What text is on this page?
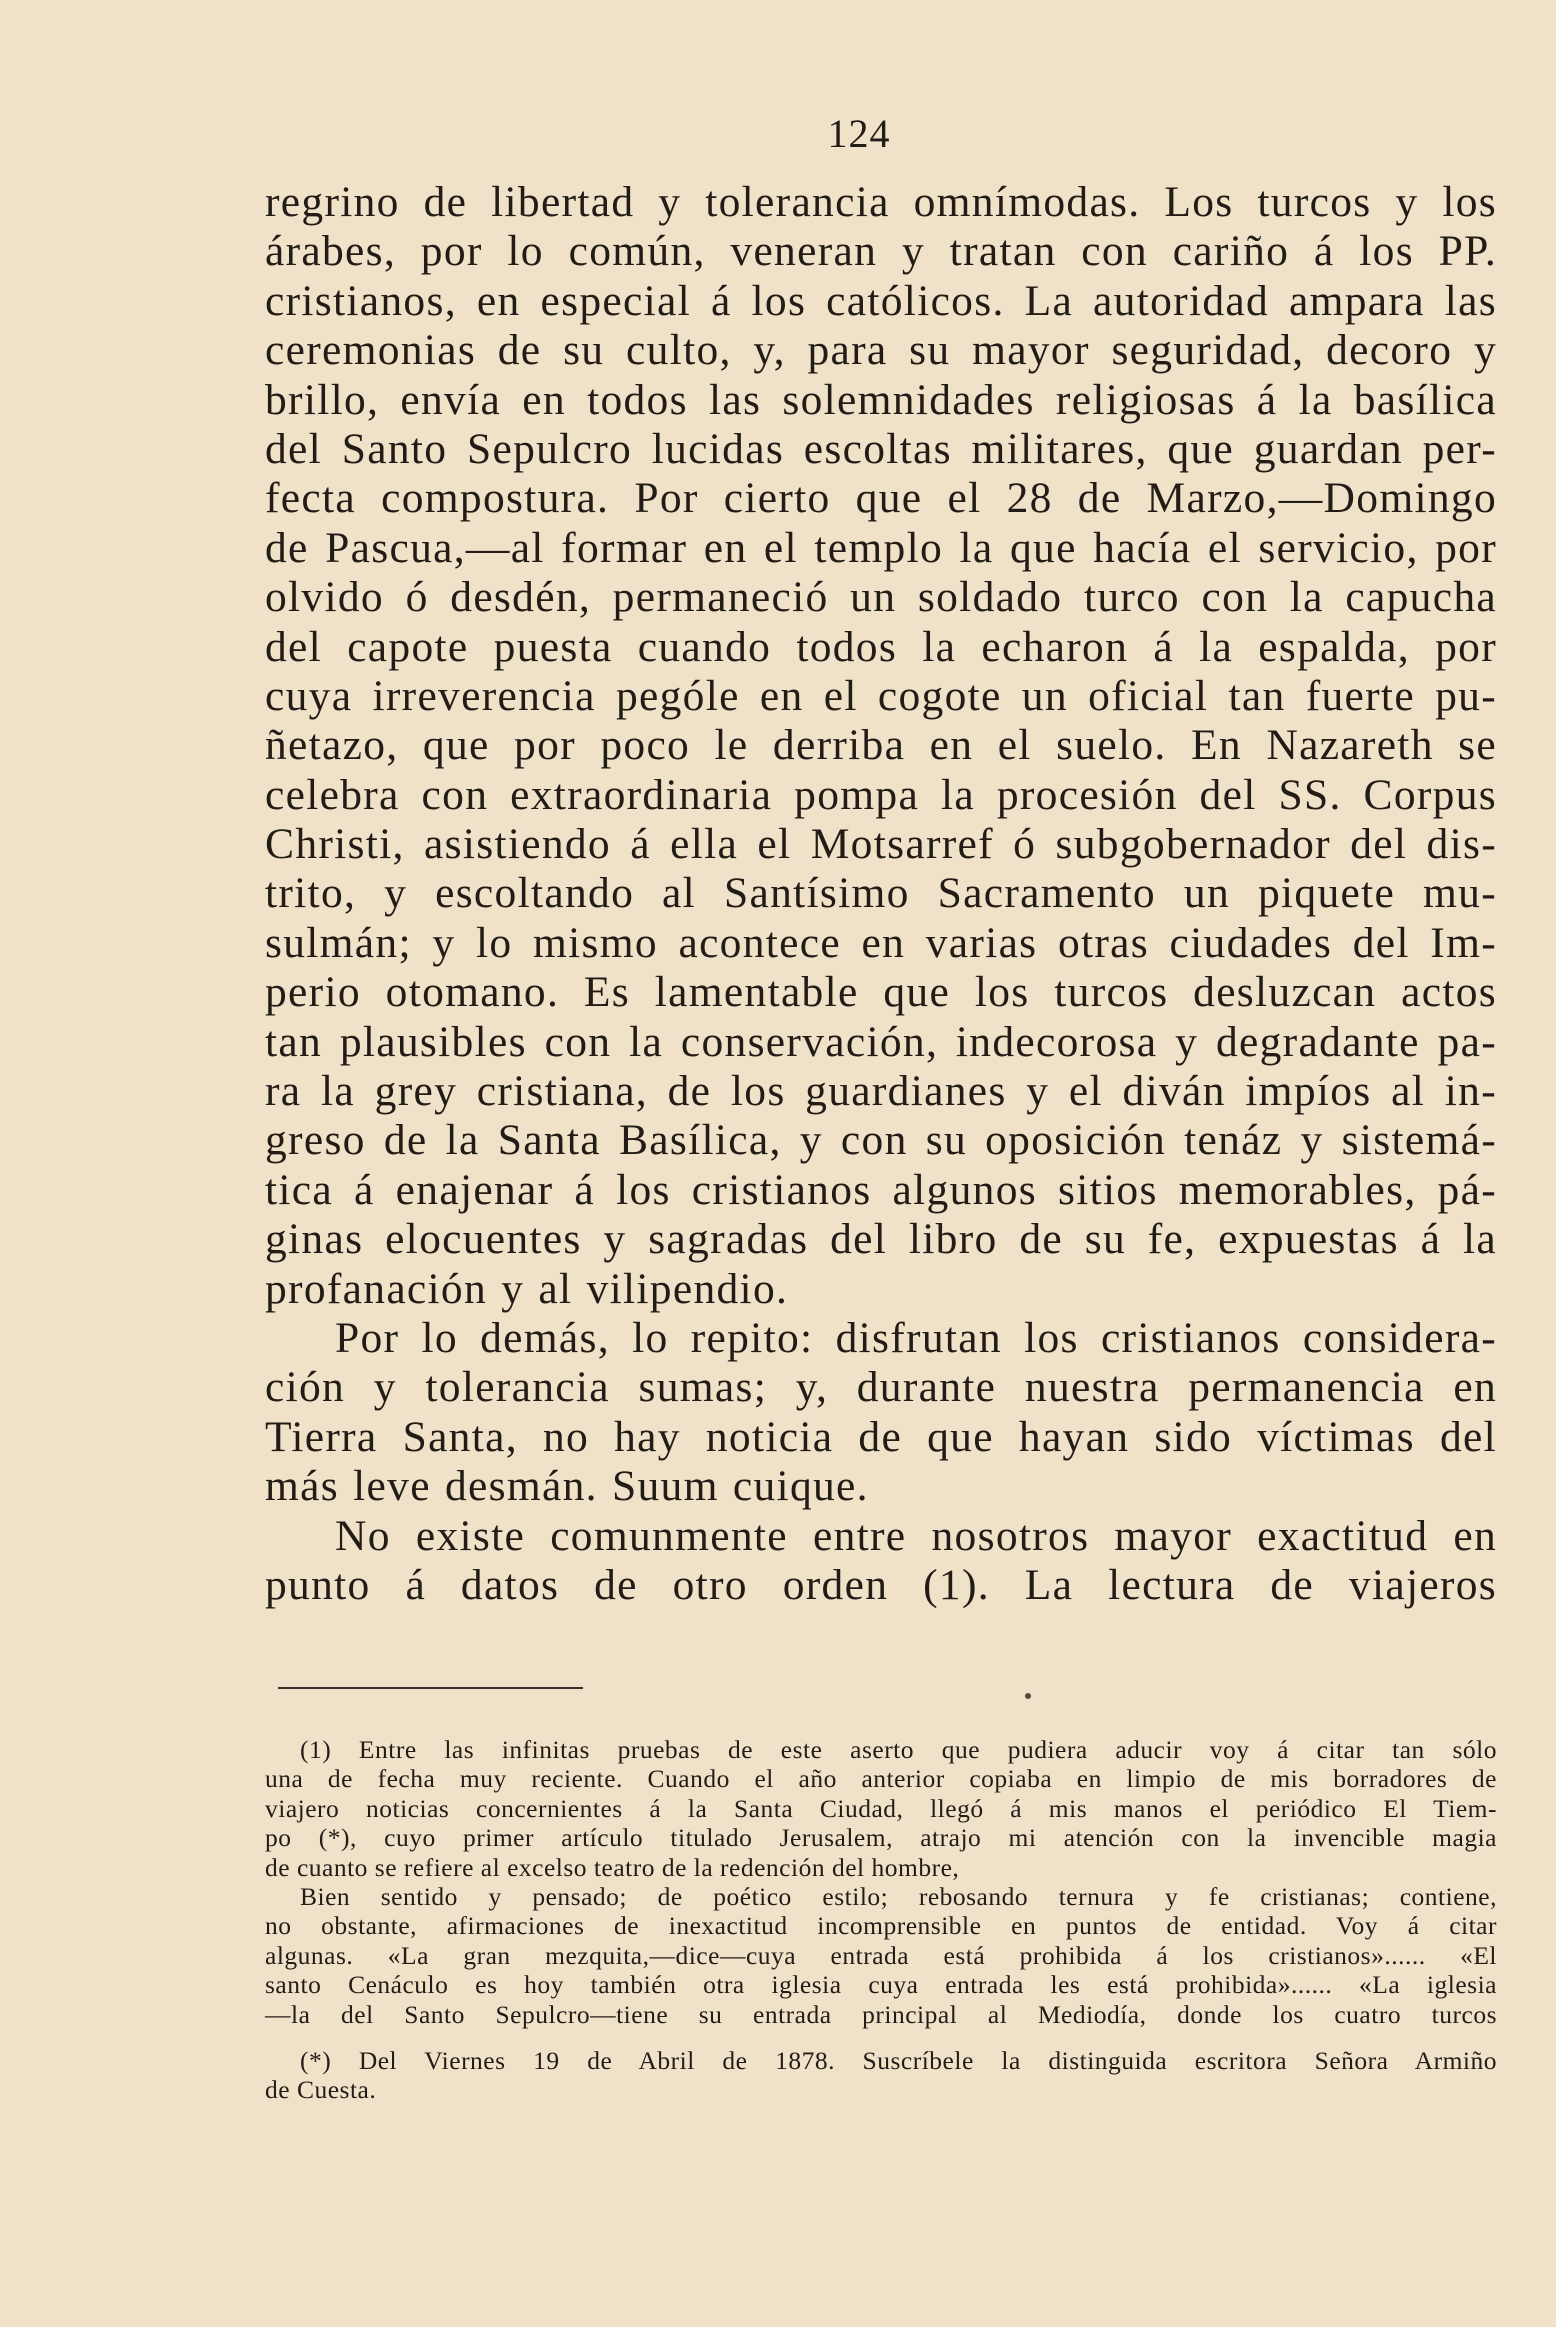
124
regrino de libertad y tolerancia omnímodas. Los turcos y los
árabes, por lo común, veneran y tratan con cariño á los PP.
cristianos, en especial á los católicos. La autoridad ampara las
ceremonias de su culto, y, para su mayor seguridad, decoro y
brillo, envía en todos las solemnidades religiosas á la basílica
del Santo Sepulcro lucidas escoltas militares, que guardan per-
fecta compostura. Por cierto que el 28 de Marzo,—Domingo
de Pascua,—al formar en el templo la que hacía el servicio, por
olvido ó desdén, permaneció un soldado turco con la capucha
del capote puesta cuando todos la echaron á la espalda, por
cuya irreverencia pególe en el cogote un oficial tan fuerte pu-
ñetazo, que por poco le derriba en el suelo. En Nazareth se
celebra con extraordinaria pompa la procesión del SS. Corpus
Christi, asistiendo á ella el Motsarref ó subgobernador del dis-
trito, y escoltando al Santísimo Sacramento un piquete mu-
sulmán; y lo mismo acontece en varias otras ciudades del Im-
perio otomano. Es lamentable que los turcos desluzcan actos
tan plausibles con la conservación, indecorosa y degradante pa-
ra la grey cristiana, de los guardianes y el diván impíos al in-
greso de la Santa Basílica, y con su oposición tenáz y sistemá-
tica á enajenar á los cristianos algunos sitios memorables, pá-
ginas elocuentes y sagradas del libro de su fe, expuestas á la
profanación y al vilipendio.
Por lo demás, lo repito: disfrutan los cristianos considera-
ción y tolerancia sumas; y, durante nuestra permanencia en
Tierra Santa, no hay noticia de que hayan sido víctimas del
más leve desmán. Suum cuique.
No existe comunmente entre nosotros mayor exactitud en
punto á datos de otro orden (1). La lectura de viajeros
(1) Entre las infinitas pruebas de este aserto que pudiera aducir voy á citar tan sólo
una de fecha muy reciente. Cuando el año anterior copiaba en limpio de mis borradores de
viajero noticias concernientes á la Santa Ciudad, llegó á mis manos el periódico El Tiem-
po (*), cuyo primer artículo titulado Jerusalem, atrajo mi atención con la invencible magia
de cuanto se refiere al excelso teatro de la redención del hombre,
Bien sentido y pensado; de poético estilo; rebosando ternura y fe cristianas; contiene,
no obstante, afirmaciones de inexactitud incomprensible en puntos de entidad. Voy á citar
algunas. «La gran mezquita,—dice—cuya entrada está prohibida á los cristianos»...... «El
santo Cenáculo es hoy también otra iglesia cuya entrada les está prohibida»...... «La iglesia
—la del Santo Sepulcro—tiene su entrada principal al Mediodía, donde los cuatro turcos
(*) Del Viernes 19 de Abril de 1878. Suscríbele la distinguida escritora Señora Armiño
de Cuesta.
